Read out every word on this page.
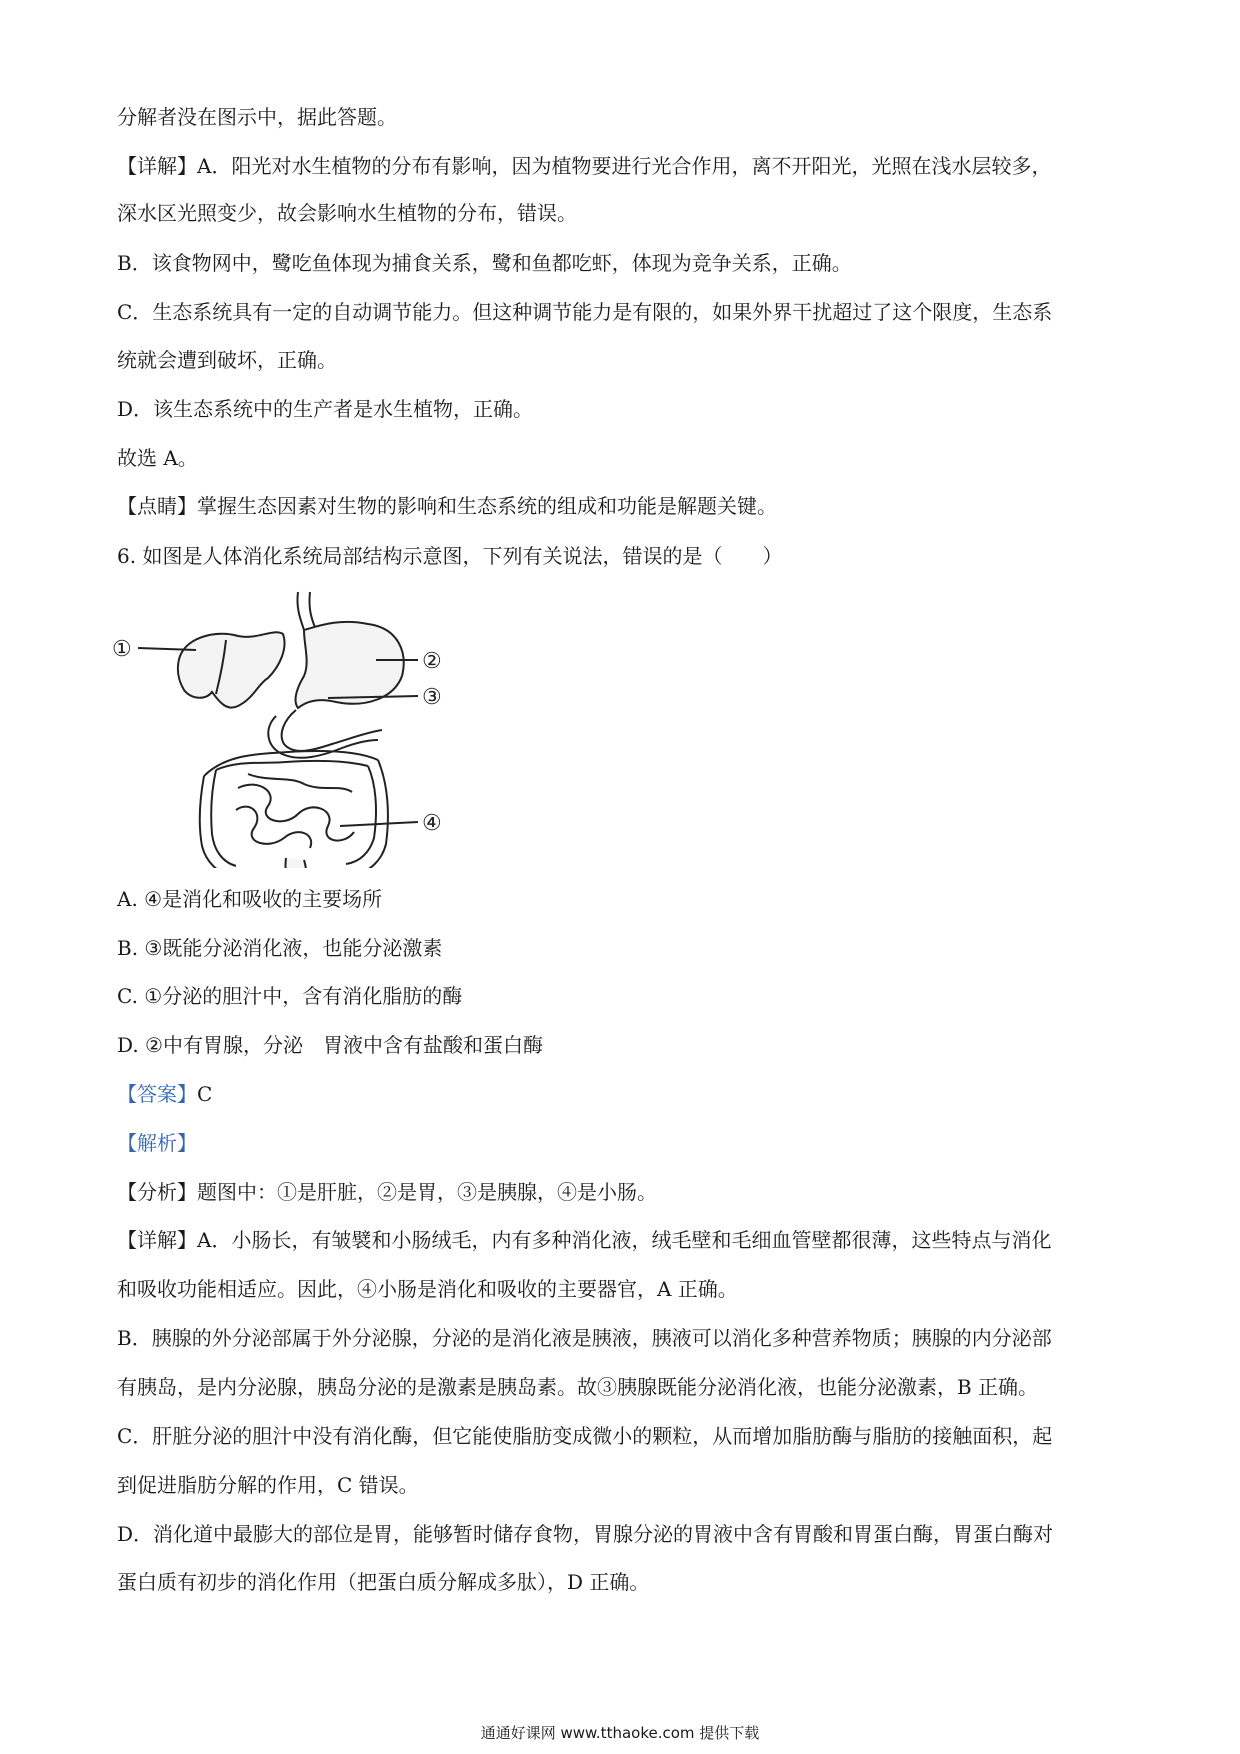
分解者没在图示中，据此答题。
【详解】A．阳光对水生植物的分布有影响，因为植物要进行光合作用，离不开阳光，光照在浅水层较多，
深水区光照变少，故会影响水生植物的分布，错误。
B．该食物网中，鹭吃鱼体现为捕食关系，鹭和鱼都吃虾，体现为竞争关系，正确。
C．生态系统具有一定的自动调节能力。但这种调节能力是有限的，如果外界干扰超过了这个限度，生态系
统就会遭到破坏，正确。
D．该生态系统中的生产者是水生植物，正确。
故选 A。
【点睛】掌握生态因素对生物的影响和生态系统的组成和功能是解题关键。
6. 如图是人体消化系统局部结构示意图，下列有关说法，错误的是（　　）
①	②
③
④
A. ④是消化和吸收的主要场所
B. ③既能分泌消化液，也能分泌激素
C. ①分泌的胆汁中，含有消化脂肪的酶
D. ②中有胃腺，分泌　胃液中含有盐酸和蛋白酶
【答案】C
【解析】
【分析】题图中：①是肝脏，②是胃，③是胰腺，④是小肠。
【详解】A．小肠长，有皱襞和小肠绒毛，内有多种消化液，绒毛壁和毛细血管壁都很薄，这些特点与消化
和吸收功能相适应。因此，④小肠是消化和吸收的主要器官，A 正确。
B．胰腺的外分泌部属于外分泌腺，分泌的是消化液是胰液，胰液可以消化多种营养物质；胰腺的内分泌部
有胰岛，是内分泌腺，胰岛分泌的是激素是胰岛素。故③胰腺既能分泌消化液，也能分泌激素，B 正确。
C．肝脏分泌的胆汁中没有消化酶，但它能使脂肪变成微小的颗粒，从而增加脂肪酶与脂肪的接触面积，起
到促进脂肪分解的作用，C 错误。
D．消化道中最膨大的部位是胃，能够暂时储存食物，胃腺分泌的胃液中含有胃酸和胃蛋白酶，胃蛋白酶对
蛋白质有初步的消化作用（把蛋白质分解成多肽），D 正确。
通通好课网 www.tthaoke.com 提供下载
